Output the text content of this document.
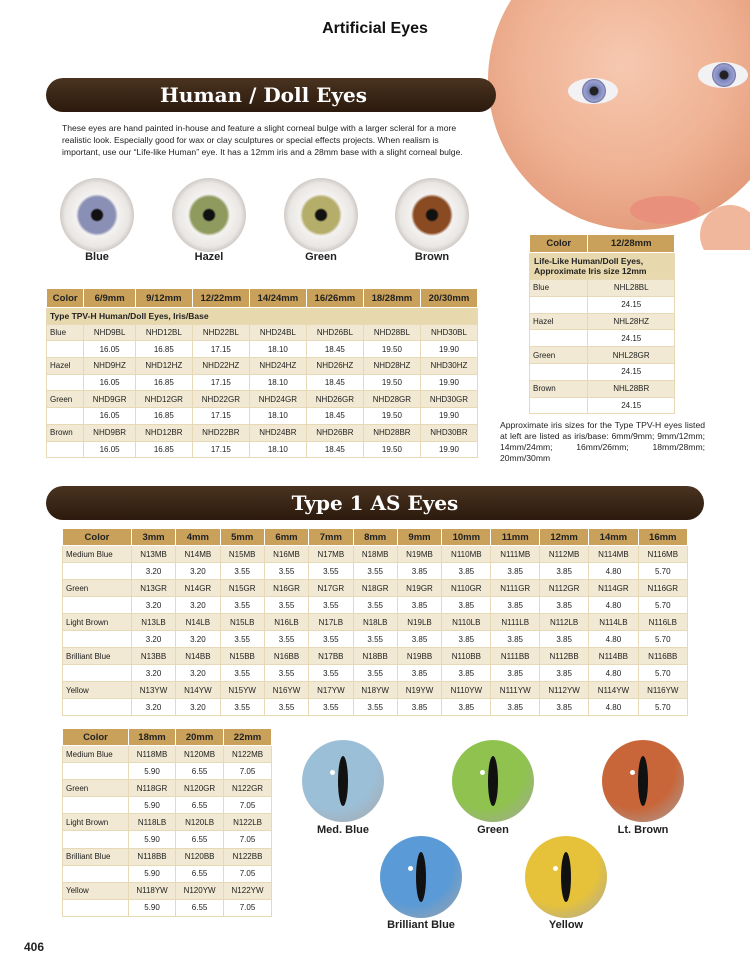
Artificial Eyes
Human / Doll Eyes
These eyes are hand painted in-house and feature a slight corneal bulge with a larger scleral for a more realistic look. Especially good for wax or clay sculptures or special effects projects. When realism is important, use our “Life-like Human” eye. It has a 12mm iris and a 28mm base with a slight corneal bulge.
Blue	Hazel	Green	Brown
Color	6/9mm	9/12mm	12/22mm	14/24mm	16/26mm	18/28mm	20/30mm
Type TPV-H Human/Doll Eyes, Iris/Base							
Blue	NHD9BL	NHD12BL	NHD22BL	NHD24BL	NHD26BL	NHD28BL	NHD30BL
	16.05	16.85	17.15	18.10	18.45	19.50	19.90
Hazel	NHD9HZ	NHD12HZ	NHD22HZ	NHD24HZ	NHD26HZ	NHD28HZ	NHD30HZ
	16.05	16.85	17.15	18.10	18.45	19.50	19.90
Green	NHD9GR	NHD12GR	NHD22GR	NHD24GR	NHD26GR	NHD28GR	NHD30GR
	16.05	16.85	17.15	18.10	18.45	19.50	19.90
Brown	NHD9BR	NHD12BR	NHD22BR	NHD24BR	NHD26BR	NHD28BR	NHD30BR
	16.05	16.85	17.15	18.10	18.45	19.50	19.90
Color	12/28mm
Life-Like Human/Doll Eyes, Approximate Iris size 12mm	
Blue	NHL28BL
	24.15
Hazel	NHL28HZ
	24.15
Green	NHL28GR
	24.15
Brown	NHL28BR
	24.15
Approximate iris sizes for the Type TPV-H eyes listed at left are listed as iris/base: 6mm/9mm; 9mm/12mm; 14mm/24mm; 16mm/26mm; 18mm/28mm; 20mm/30mm
Type 1 AS Eyes
Color	3mm	4mm	5mm	6mm	7mm	8mm	9mm	10mm	11mm	12mm	14mm	16mm
Medium Blue	N13MB	N14MB	N15MB	N16MB	N17MB	N18MB	N19MB	N110MB	N111MB	N112MB	N114MB	N116MB
	3.20	3.20	3.55	3.55	3.55	3.55	3.85	3.85	3.85	3.85	4.80	5.70
Green	N13GR	N14GR	N15GR	N16GR	N17GR	N18GR	N19GR	N110GR	N111GR	N112GR	N114GR	N116GR
	3.20	3.20	3.55	3.55	3.55	3.55	3.85	3.85	3.85	3.85	4.80	5.70
Light Brown	N13LB	N14LB	N15LB	N16LB	N17LB	N18LB	N19LB	N110LB	N111LB	N112LB	N114LB	N116LB
	3.20	3.20	3.55	3.55	3.55	3.55	3.85	3.85	3.85	3.85	4.80	5.70
Brilliant Blue	N13BB	N14BB	N15BB	N16BB	N17BB	N18BB	N19BB	N110BB	N111BB	N112BB	N114BB	N116BB
	3.20	3.20	3.55	3.55	3.55	3.55	3.85	3.85	3.85	3.85	4.80	5.70
Yellow	N13YW	N14YW	N15YW	N16YW	N17YW	N18YW	N19YW	N110YW	N111YW	N112YW	N114YW	N116YW
	3.20	3.20	3.55	3.55	3.55	3.55	3.85	3.85	3.85	3.85	4.80	5.70
Color	18mm	20mm	22mm
Medium Blue	N118MB	N120MB	N122MB
	5.90	6.55	7.05
Green	N118GR	N120GR	N122GR
	5.90	6.55	7.05
Light Brown	N118LB	N120LB	N122LB
	5.90	6.55	7.05
Brilliant Blue	N118BB	N120BB	N122BB
	5.90	6.55	7.05
Yellow	N118YW	N120YW	N122YW
	5.90	6.55	7.05
Med. Blue	Green	Lt. Brown
Brilliant Blue	Yellow
406
